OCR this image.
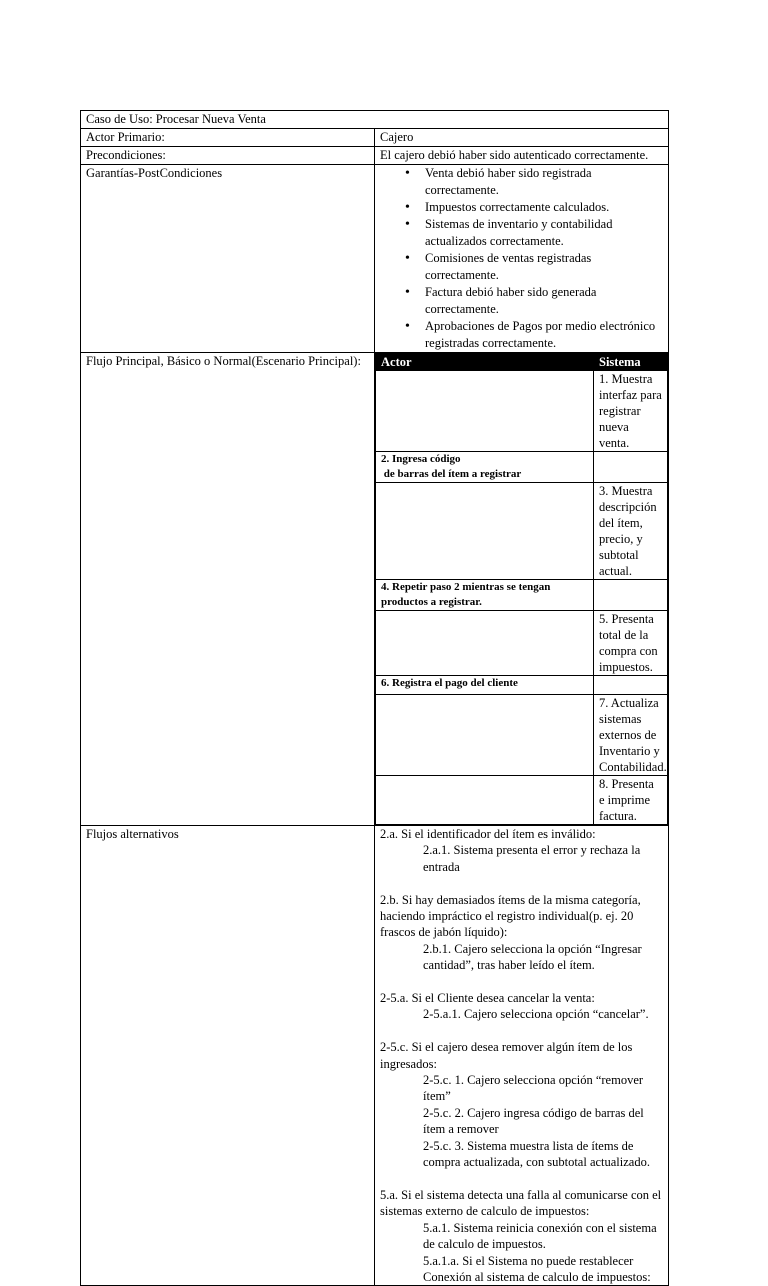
Caso de Uso: Procesar Nueva Venta
Actor Primario:	Cajero
Precondiciones:	El cajero debió haber sido autenticado correctamente.
Garantías-PostCondiciones	
•Venta debió haber sido registrada correctamente.
• Impuestos correctamente calculados.
• Sistemas de inventario y contabilidad actualizados correctamente.
• Comisiones de ventas registradas correctamente.
• Factura debió haber sido generada correctamente.
• Aprobaciones de Pagos por medio electrónico registradas correctamente.

Flujo Principal, Básico o Normal(Escenario Principal):	Actor	Sistema
	1. Muestra interfaz para registrar nueva venta.

2. Ingresa código
de barras del ítem a registrar

	3. Muestra descripción del ítem, precio, y subtotal actual.
4. Repetir paso 2 mientras se tengan productos a registrar.	
	5. Presenta total de la compra con impuestos.
6. Registra el pago del cliente	
	7. Actualiza sistemas externos de Inventario y Contabilidad.
	8. Presenta e imprime factura.

Flujos alternativos	2.a. Si el identificador del ítem es inválido:

2.a.1. Sistema presenta el error y rechaza la entrada

2.b. Si hay demasiados ítems de la misma categoría, haciendo impráctico el registro individual(p. ej. 20 frascos de jabón líquido):

2.b.1. Cajero selecciona la opción “Ingresar cantidad”, tras haber leído el ítem.

2-5.a. Si el Cliente desea cancelar la venta:

2-5.a.1. Cajero selecciona opción “cancelar”.

2-5.c. Si el cajero desea remover algún ítem de los ingresados:

2-5.c. 1. Cajero selecciona opción “remover ítem”

2-5.c. 2. Cajero ingresa código de barras del ítem a remover

2-5.c. 3. Sistema muestra lista de ítems de compra actualizada, con subtotal actualizado.

5.a. Si el sistema detecta una falla al comunicarse con el sistemas externo de calculo de impuestos:

5.a.1. Sistema reinicia conexión con el sistema de calculo de impuestos.

5.a.1.a. Si el Sistema no puede restablecer Conexión al sistema de calculo de impuestos:
